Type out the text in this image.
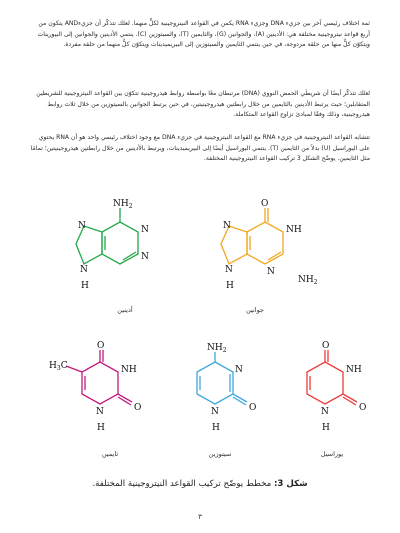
ثمة اختلاف رئيسي آخر بين جزيء DNA وجزيء RNA يكمن في القواعد النيتروجينية لكلٍّ منهما. لعلك تتذكّر أن جزيءAND يتكون من أربع قواعد نيتروجينية مختلفة هي: الأدينين (A)، والجوانين (G)، والثايمين (T)، والسيتوزين (C). ينتمي الأدينين والجوانين إلى البيورينات ويتكوّن كلٌّ منها من حلقة مزدوجة، في حين ينتمي الثايمين والسيتوزين إلى البيريميدينات ويتكوّن كلٌّ منهما من حلقة مفردة.

لعلك تتذكّر أيضًا أن شريطَي الحمض النووي (DNA) مرتبطان معًا بواسطة روابط هيدروجينية تتكوّن بين القواعد النيتروجينية للشريطين المتقابلين؛ حيث يرتبط الأدينين بالثايمين من خلال رابطتين هيدروجينيتين، في حين يرتبط الجوانين بالسيتوزين من خلال ثلاث روابط هيدروجينية، وذلك وفقًا لمبادئ تزاوج القواعد المتكاملة.

تتشابه القواعد النيتروجينية في جزيء RNA مع القواعد النيتروجينية في جزيء DNA مع وجود اختلاف رئيسي واحد هو أن RNA يحتوي على اليوراسيل (U) بدلاً من الثايمين (T). ينتمي اليوراسيل أيضًا إلى البيريميدينات، ويرتبط بالأدينين من خلال رابطتين هيدروجينيتين؛ تمامًا مثل الثايمين. يوضّح الشكل 3 تركيب القواعد النيتروجينية المختلفة.

$NH_2$
N
N
N
N
H
أدينين
O
NH
N
N
N
H
$NH_2$
جوانين
O
NH
N
H
O
$H_3C$
ثايمين
$NH_2$
N
N
H
O
سيتوزين
O
NH
N
H
O
يوراسيل
شكل 3: مخطط يوضّح تركيب القواعد النيتروجينية المختلفة.
٣
